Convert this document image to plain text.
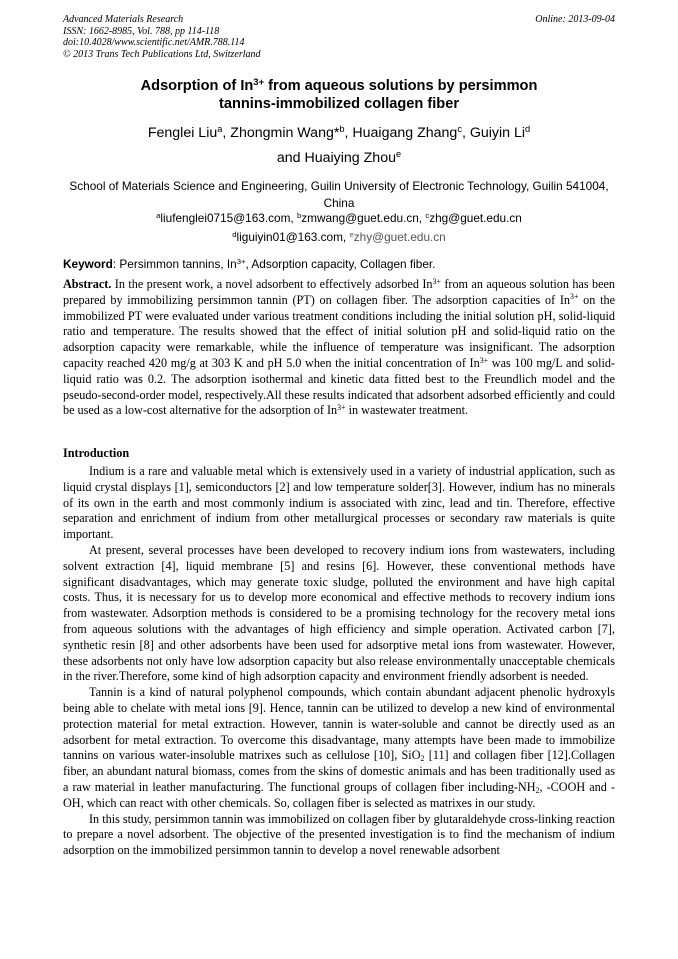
Advanced Materials Research
ISSN: 1662-8985, Vol. 788, pp 114-118
doi:10.4028/www.scientific.net/AMR.788.114
© 2013 Trans Tech Publications Ltd, Switzerland
Online: 2013-09-04
Adsorption of $In^{3+}$ from aqueous solutions by persimmon
tannins-immobilized collagen fiber
Fenglei Liu$^a$, Zhongmin Wang*$^b$, Huaigang Zhang$^c$, Guiyin Li$^d$
and Huaiying Zhou$^e$
School of Materials Science and Engineering, Guilin University of Electronic Technology, Guilin 541004, China
$^a$liufenglei0715@163.com, $^b$zmwang@guet.edu.cn, $^c$zhg@guet.edu.cn
$^d$liguiyin01@163.com, $^e$zhy@guet.edu.cn
Keyword: Persimmon tannins, $In^{3+}$, Adsorption capacity, Collagen fiber.
Abstract. In the present work, a novel adsorbent to effectively adsorbed $In^{3+}$ from an aqueous solution has been prepared by immobilizing persimmon tannin (PT) on collagen fiber. The adsorption capacities of $In^{3+}$ on the immobilized PT were evaluated under various treatment conditions including the initial solution pH, solid-liquid ratio and temperature. The results showed that the effect of initial solution pH and solid-liquid ratio on the adsorption capacity were remarkable, while the influence of temperature was insignificant. The adsorption capacity reached 420 mg/g at 303 K and pH 5.0 when the initial concentration of $In^{3+}$ was 100 mg/L and solid-liquid ratio was 0.2. The adsorption isothermal and kinetic data fitted best to the Freundlich model and the pseudo-second-order model, respectively.All these results indicated that adsorbent adsorbed efficiently and could be used as a low-cost alternative for the adsorption of $In^{3+}$ in wastewater treatment.
Introduction

Indium is a rare and valuable metal which is extensively used in a variety of industrial application, such as liquid crystal displays [1], semiconductors [2] and low temperature solder[3]. However, indium has no minerals of its own in the earth and most commonly indium is associated with zinc, lead and tin. Therefore, effective separation and enrichment of indium from other metallurgical processes or secondary raw materials is quite important.

At present, several processes have been developed to recovery indium ions from wastewaters, including solvent extraction [4], liquid membrane [5] and resins [6]. However, these conventional methods have significant disadvantages, which may generate toxic sludge, polluted the environment and have high capital costs. Thus, it is necessary for us to develop more economical and effective methods to recovery indium ions from wastewater. Adsorption methods is considered to be a promising technology for the recovery metal ions from aqueous solutions with the advantages of high efficiency and simple operation. Activated carbon [7], synthetic resin [8] and other adsorbents have been used for adsorptive metal ions from wastewater. However, these adsorbents not only have low adsorption capacity but also release environmentally unacceptable chemicals in the river.Therefore, some kind of high adsorption capacity and environment friendly adsorbent is needed.

Tannin is a kind of natural polyphenol compounds, which contain abundant adjacent phenolic hydroxyls being able to chelate with metal ions [9]. Hence, tannin can be utilized to develop a new kind of environmental protection material for metal extraction. However, tannin is water-soluble and cannot be directly used as an adsorbent for metal extraction. To overcome this disadvantage, many attempts have been made to immobilize tannins on various water-insoluble matrixes such as cellulose [10], SiO$_2$ [11] and collagen fiber [12].Collagen fiber, an abundant natural biomass, comes from the skins of domestic animals and has been traditionally used as a raw material in leather manufacturing. The functional groups of collagen fiber including-$NH_2$, -COOH and -OH, which can react with other chemicals. So, collagen fiber is selected as matrixes in our study.

In this study, persimmon tannin was immobilized on collagen fiber by glutaraldehyde cross-linking reaction to prepare a novel adsorbent. The objective of the presented investigation is to find the mechanism of indium adsorption on the immobilized persimmon tannin to develop a novel renewable adsorbent
